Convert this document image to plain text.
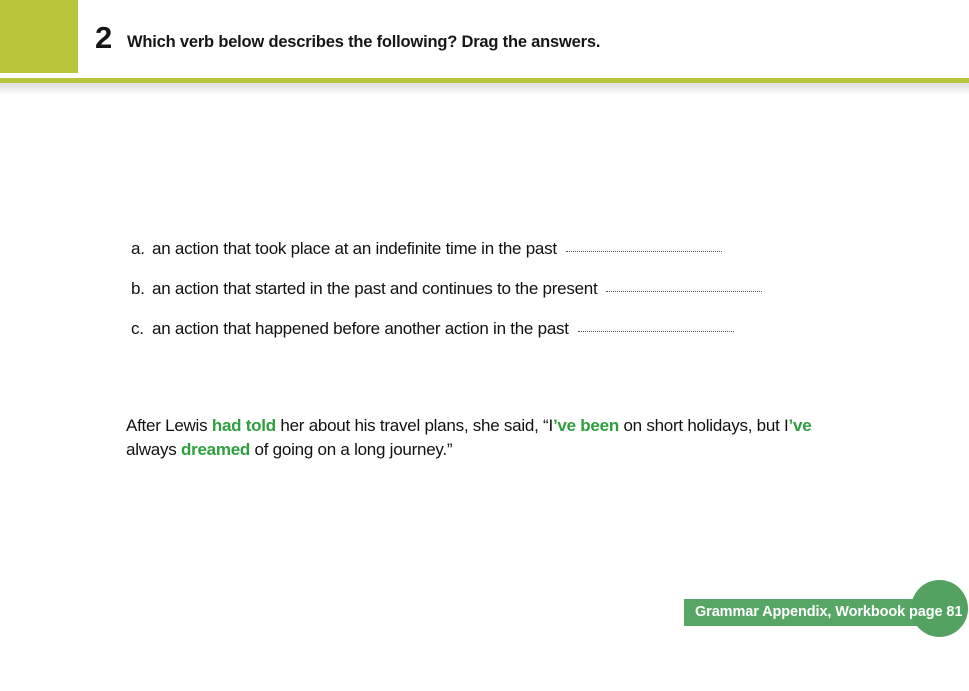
2 Which verb below describes the following? Drag the answers.
a. an action that took place at an indefinite time in the past
b. an action that started in the past and continues to the present
c. an action that happened before another action in the past
After Lewis had told her about his travel plans, she said, “I’ve been on short holidays, but I’ve always dreamed of going on a long journey.”
Grammar Appendix, Workbook page 81
